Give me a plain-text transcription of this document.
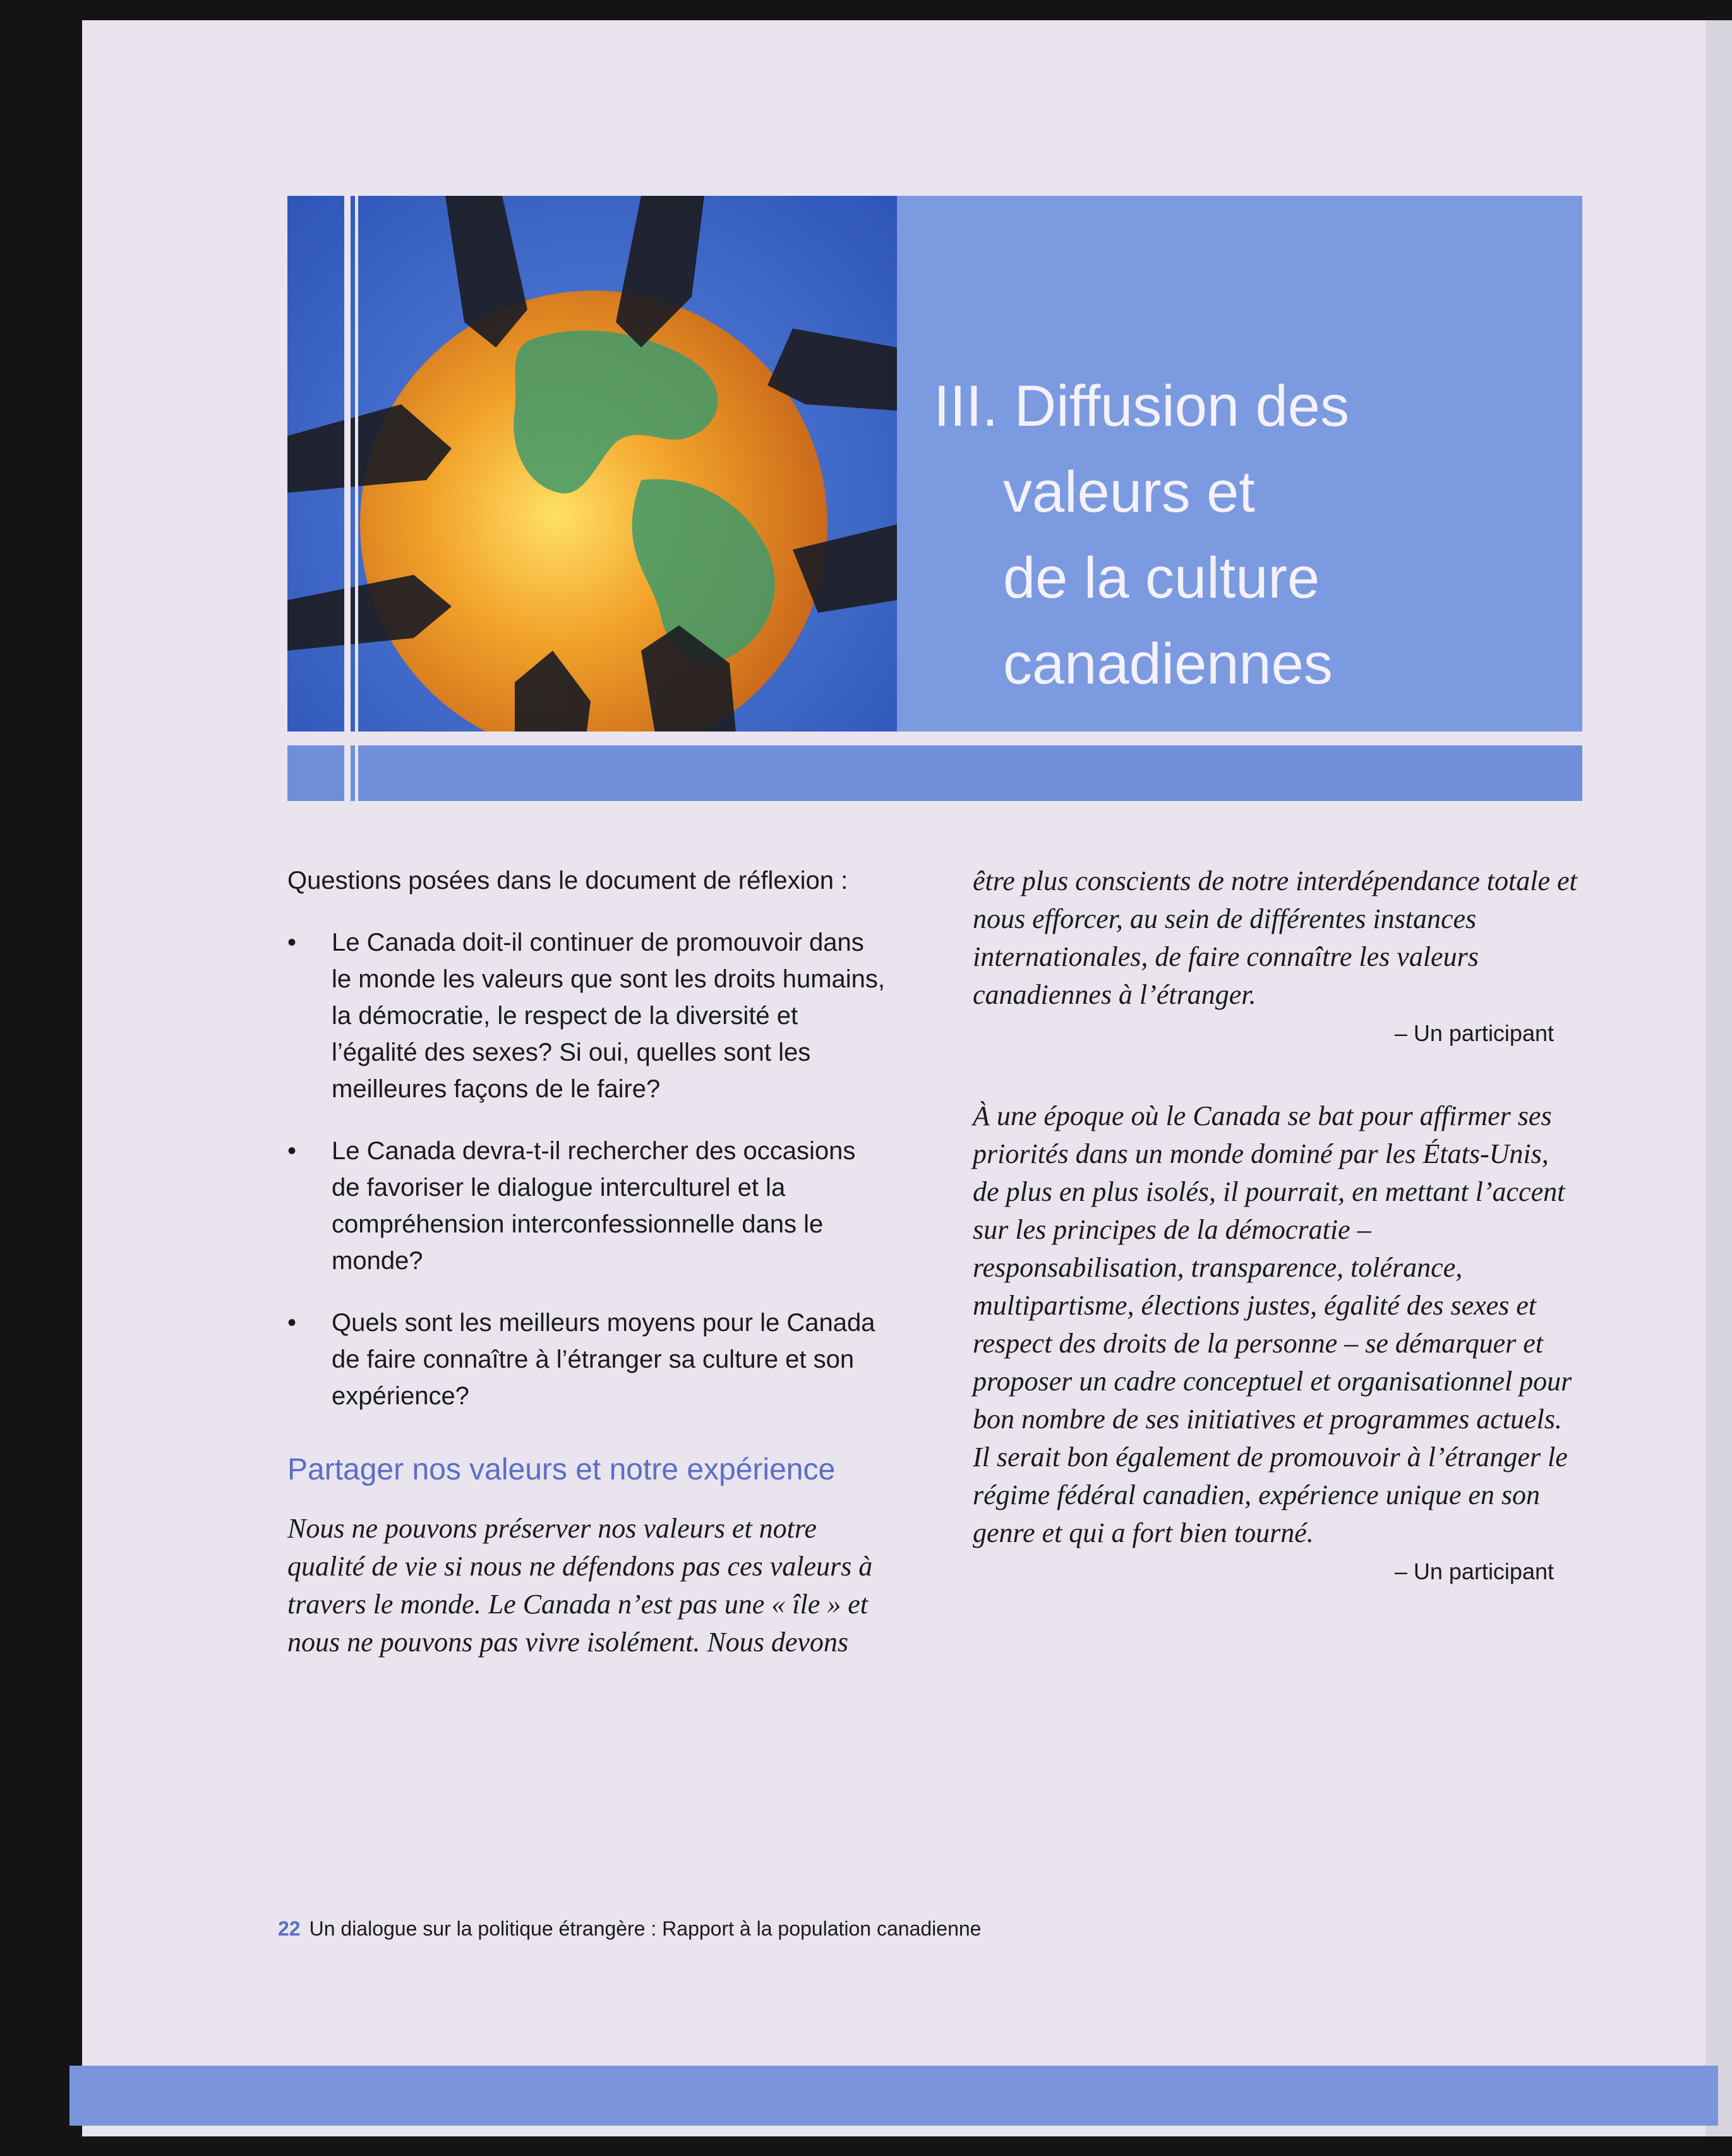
III. Diffusion des
valeurs et
de la culture
canadiennes

Questions posées dans le document de réflexion :

• Le Canada doit-il continuer de promouvoir dans le monde les valeurs que sont les droits humains, la démocratie, le respect de la diversité et l’égalité des sexes? Si oui, quelles sont les meilleures façons de le faire?
• Le Canada devra-t-il rechercher des occasions de favoriser le dialogue interculturel et la compréhension interconfessionnelle dans le monde?
• Quels sont les meilleurs moyens pour le Canada de faire connaître à l’étranger sa culture et son expérience?
Partager nos valeurs et notre expérience

Nous ne pouvons préserver nos valeurs et notre qualité de vie si nous ne défendons pas ces valeurs à travers le monde. Le Canada n’est pas une « île » et nous ne pouvons pas vivre isolément. Nous devons

être plus conscients de notre interdépendance totale et nous efforcer, au sein de différentes instances internationales, de faire connaître les valeurs canadiennes à l’étranger.

– Un participant

À une époque où le Canada se bat pour affirmer ses priorités dans un monde dominé par les États-Unis, de plus en plus isolés, il pourrait, en mettant l’accent sur les principes de la démocratie – responsabilisation, transparence, tolérance, multipartisme, élections justes, égalité des sexes et respect des droits de la personne – se démarquer et proposer un cadre conceptuel et organisationnel pour bon nombre de ses initiatives et programmes actuels. Il serait bon également de promouvoir à l’étranger le régime fédéral canadien, expérience unique en son genre et qui a fort bien tourné.

– Un participant

22 Un dialogue sur la politique étrangère : Rapport à la population canadienne
